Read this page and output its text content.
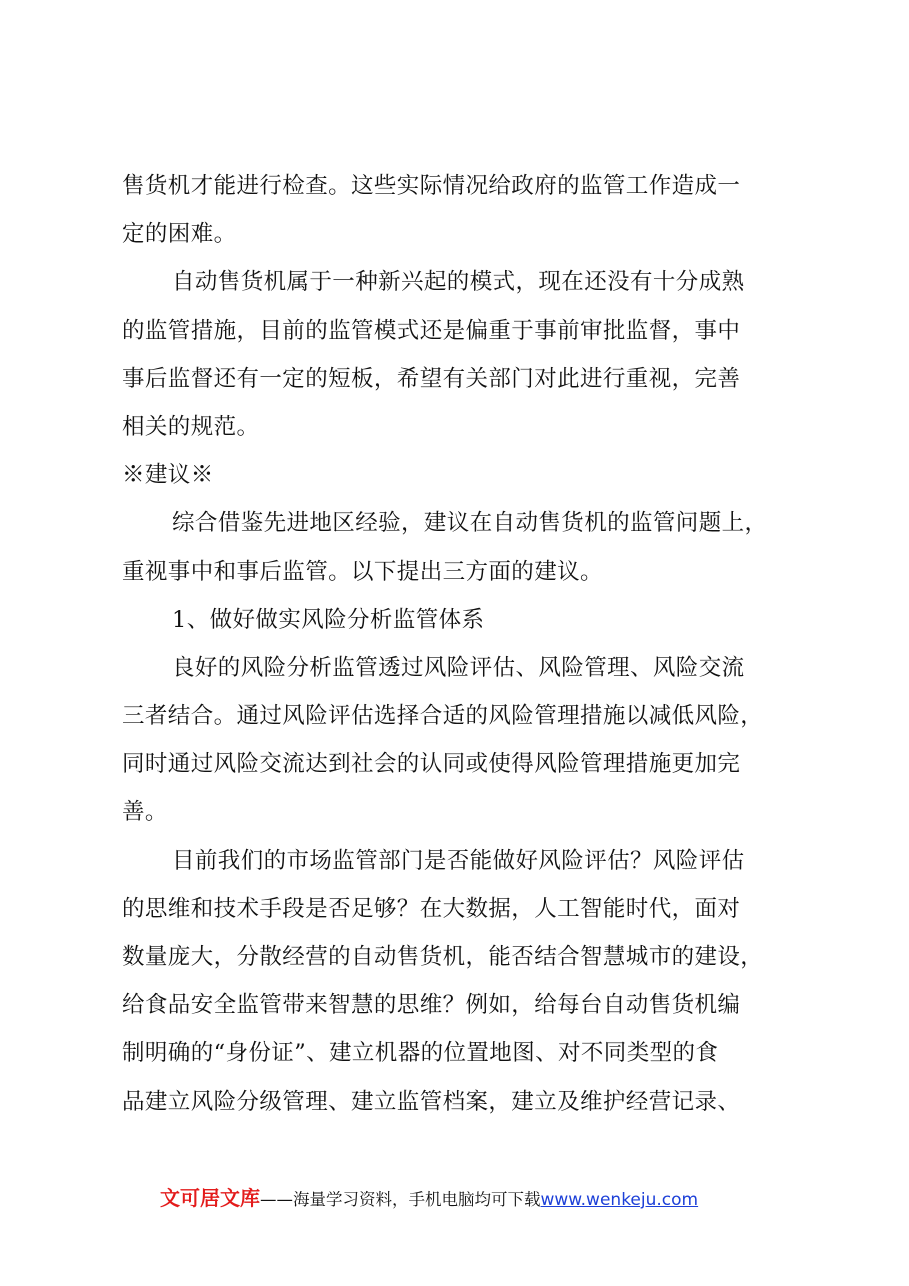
售货机才能进行检查。这些实际情况给政府的监管工作造成一
定的困难。
自动售货机属于一种新兴起的模式，现在还没有十分成熟
的监管措施，目前的监管模式还是偏重于事前审批监督，事中
事后监督还有一定的短板，希望有关部门对此进行重视，完善
相关的规范。
※建议※
综合借鉴先进地区经验，建议在自动售货机的监管问题上，
重视事中和事后监管。以下提出三方面的建议。
1、做好做实风险分析监管体系
良好的风险分析监管透过风险评估、风险管理、风险交流
三者结合。通过风险评估选择合适的风险管理措施以减低风险，
同时通过风险交流达到社会的认同或使得风险管理措施更加完
善。
目前我们的市场监管部门是否能做好风险评估？风险评估
的思维和技术手段是否足够？在大数据，人工智能时代，面对
数量庞大，分散经营的自动售货机，能否结合智慧城市的建设，
给食品安全监管带来智慧的思维？例如，给每台自动售货机编
制明确的“身份证”、建立机器的位置地图、对不同类型的食
品建立风险分级管理、建立监管档案，建立及维护经营记录、
文可居文库——海量学习资料，手机电脑均可下载www.wenkeju.com
